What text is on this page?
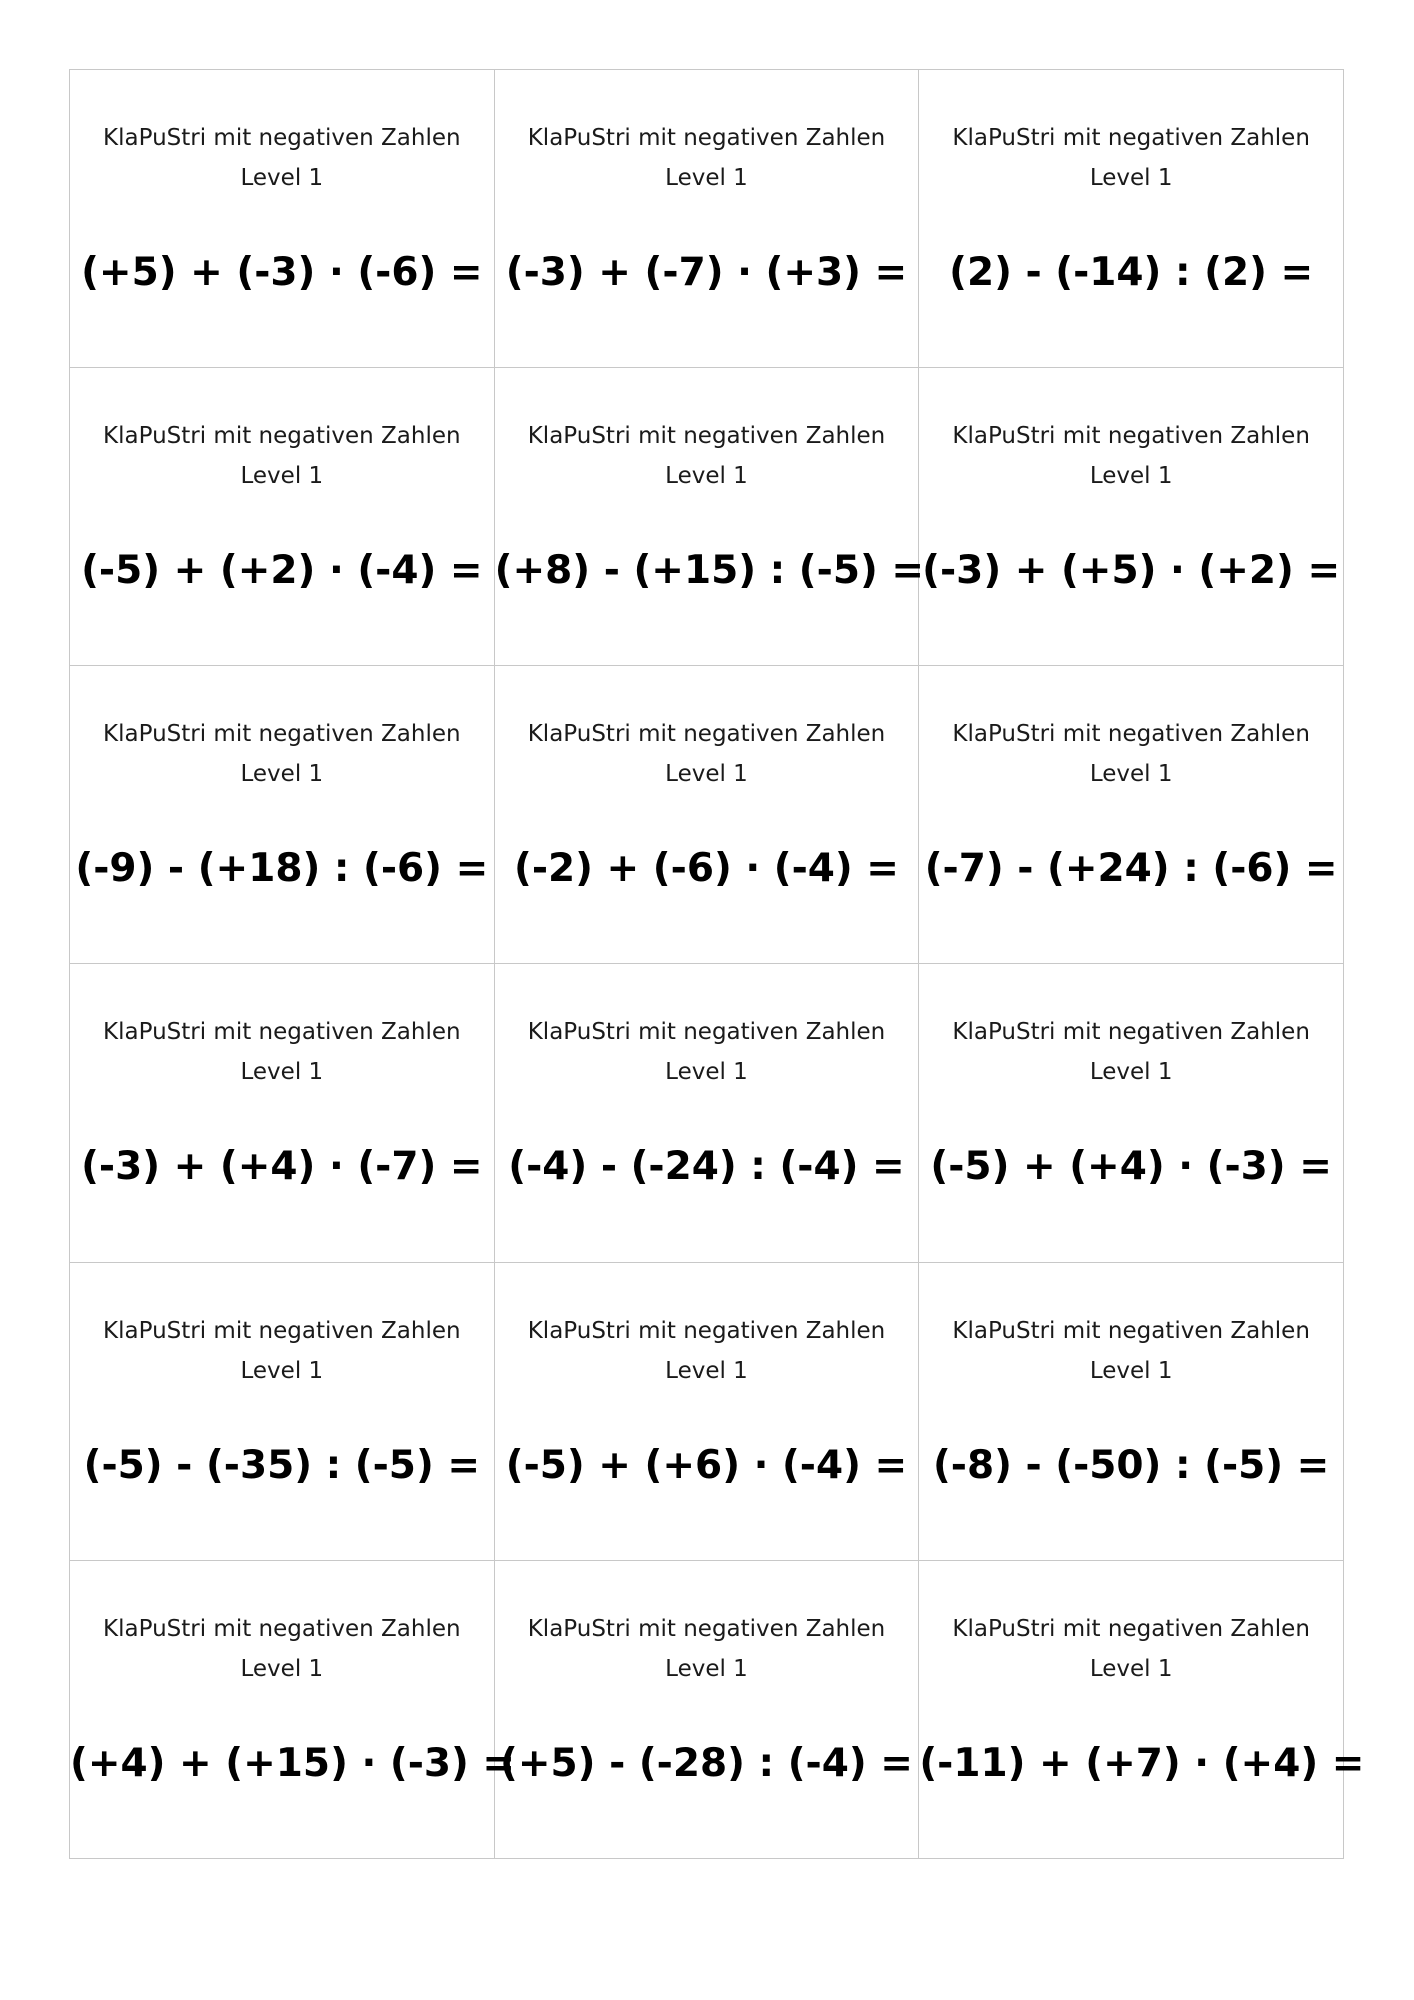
KlaPuStri mit negativen Zahlen
Level 1
(+5) + (-3) · (-6) =
KlaPuStri mit negativen Zahlen
Level 1
(-3) + (-7) · (+3) =
KlaPuStri mit negativen Zahlen
Level 1
(2) - (-14) : (2) =
KlaPuStri mit negativen Zahlen
Level 1
(-5) + (+2) · (-4) =
KlaPuStri mit negativen Zahlen
Level 1
(+8) - (+15) : (-5) =
KlaPuStri mit negativen Zahlen
Level 1
(-3) + (+5) · (+2) =
KlaPuStri mit negativen Zahlen
Level 1
(-9) - (+18) : (-6) =
KlaPuStri mit negativen Zahlen
Level 1
(-2) + (-6) · (-4) =
KlaPuStri mit negativen Zahlen
Level 1
(-7) - (+24) : (-6) =
KlaPuStri mit negativen Zahlen
Level 1
(-3) + (+4) · (-7) =
KlaPuStri mit negativen Zahlen
Level 1
(-4) - (-24) : (-4) =
KlaPuStri mit negativen Zahlen
Level 1
(-5) + (+4) · (-3) =
KlaPuStri mit negativen Zahlen
Level 1
(-5) - (-35) : (-5) =
KlaPuStri mit negativen Zahlen
Level 1
(-5) + (+6) · (-4) =
KlaPuStri mit negativen Zahlen
Level 1
(-8) - (-50) : (-5) =
KlaPuStri mit negativen Zahlen
Level 1
(+4) + (+15) · (-3) =
KlaPuStri mit negativen Zahlen
Level 1
(+5) - (-28) : (-4) =
KlaPuStri mit negativen Zahlen
Level 1
(-11) + (+7) · (+4) =
